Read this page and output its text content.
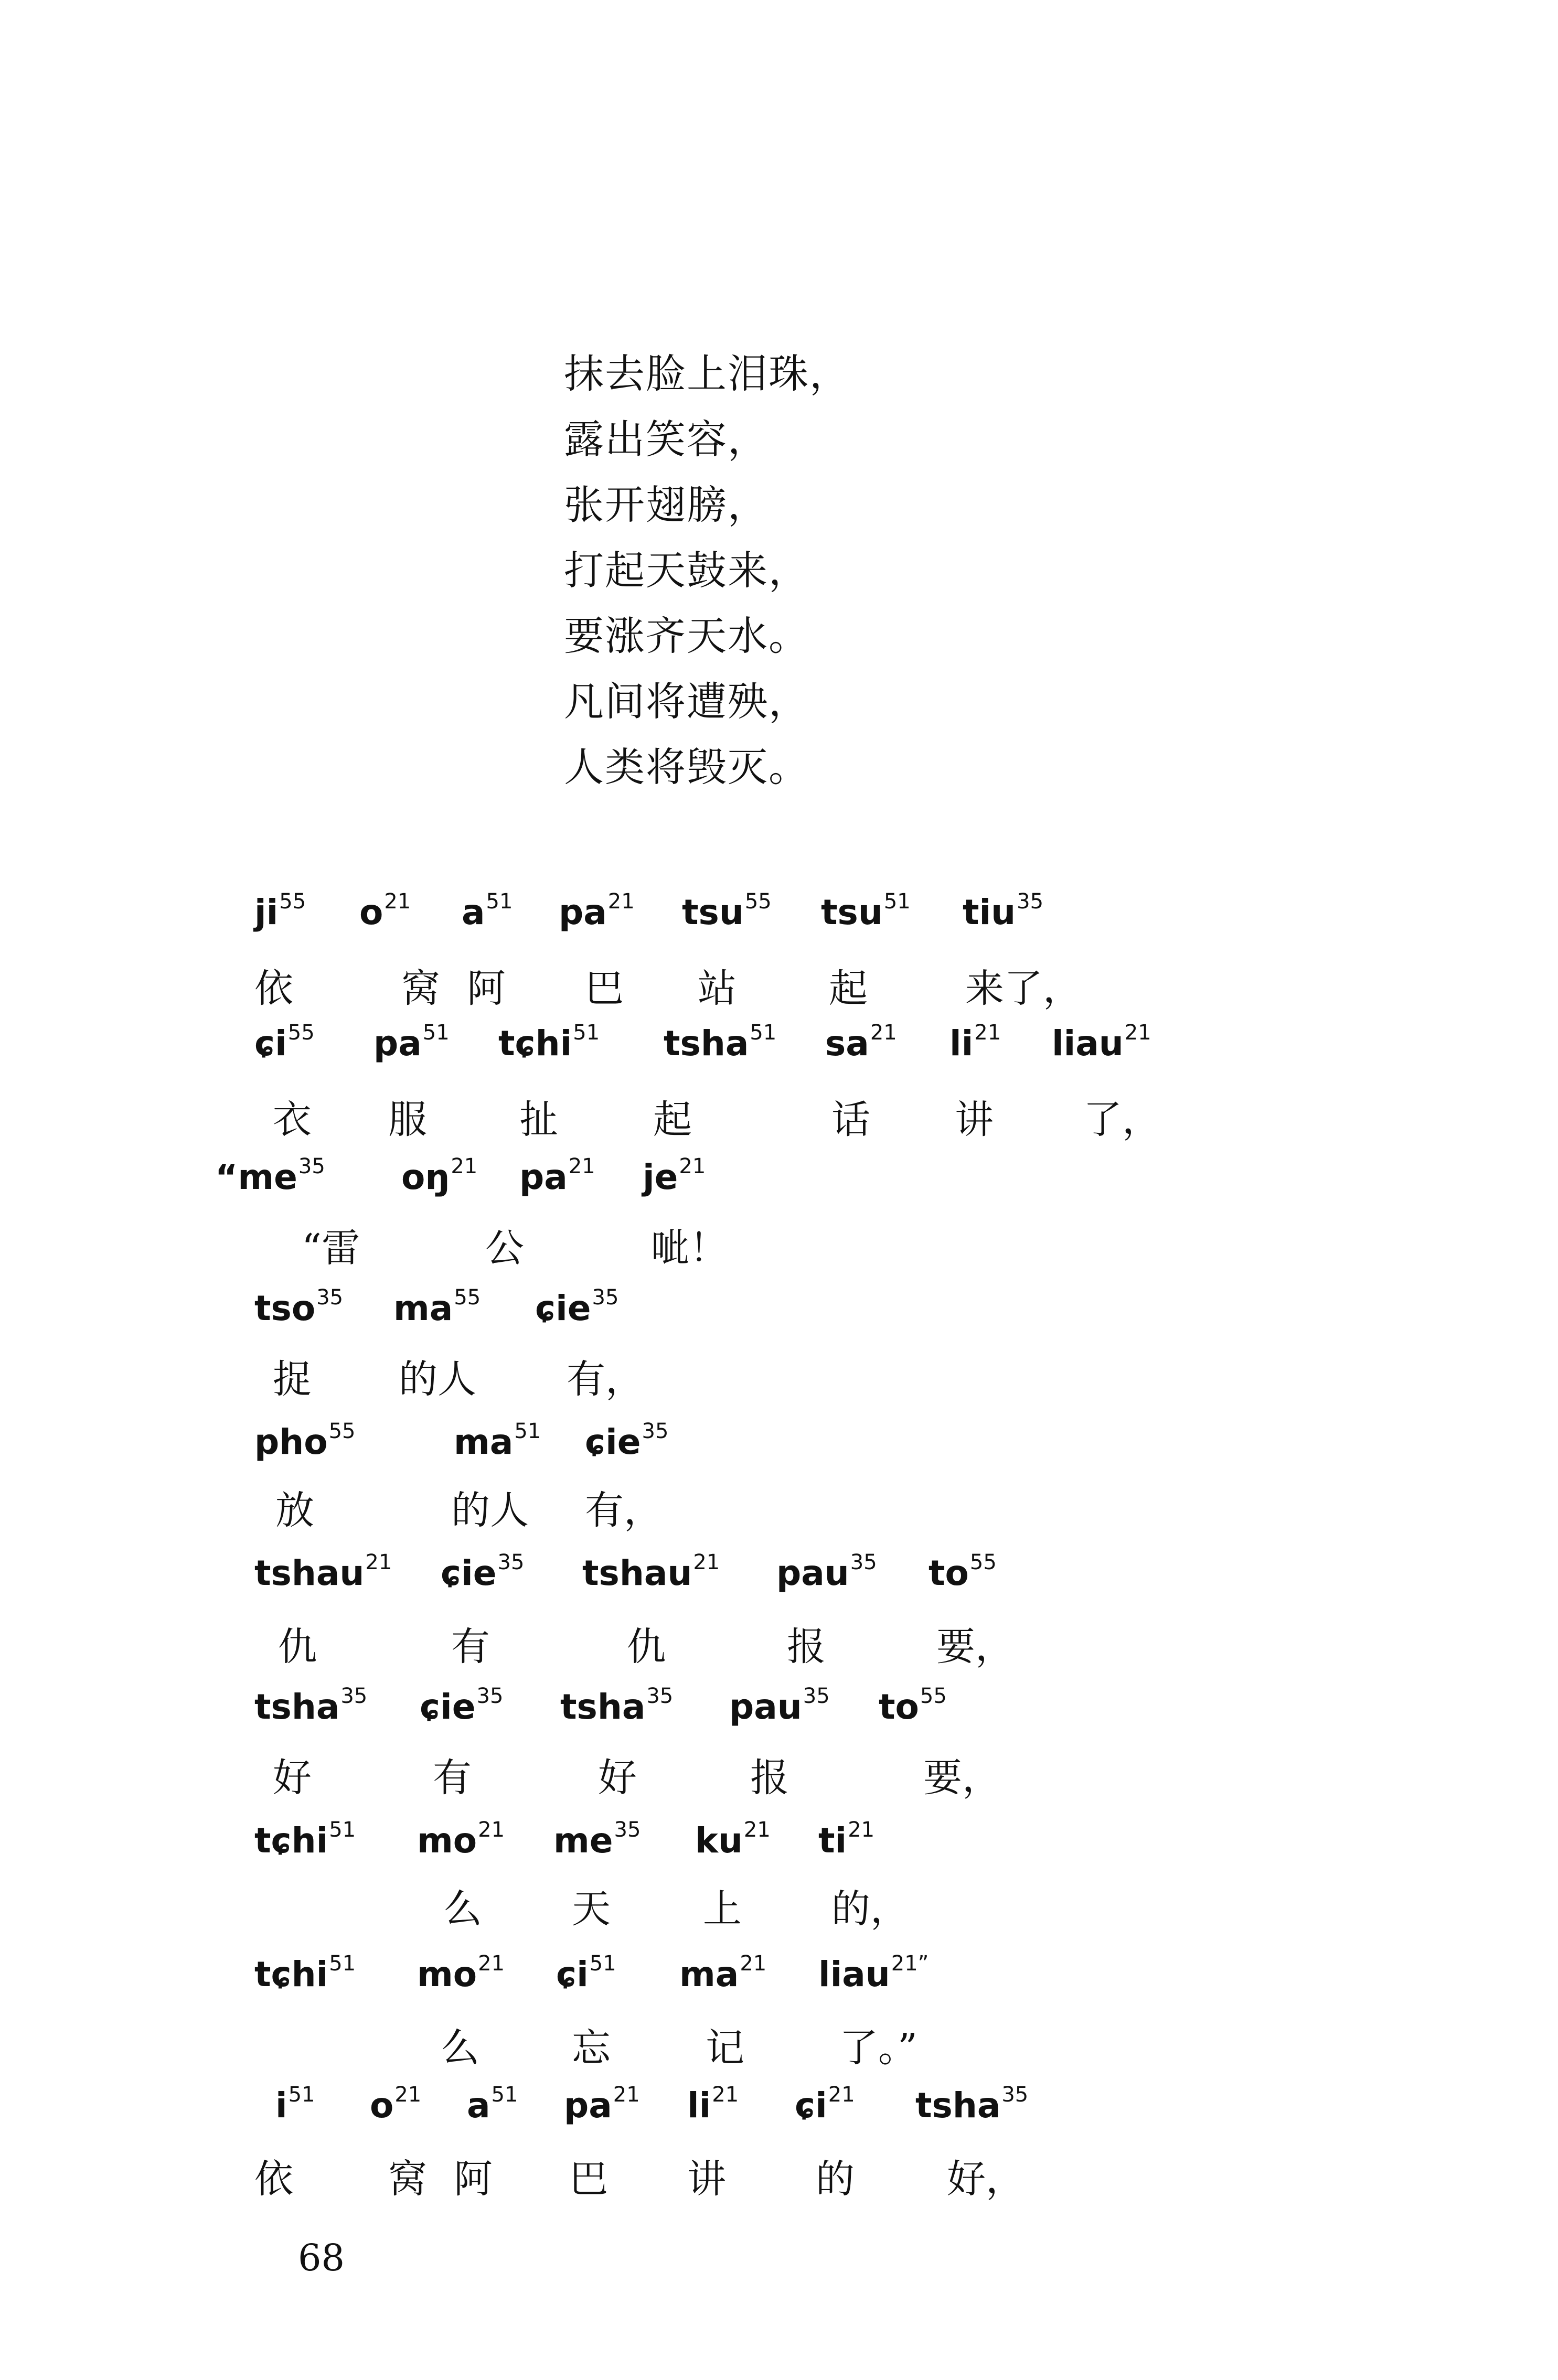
抹去脸上泪珠，
露出笑容，
张开翅膀，
打起天鼓来，
要涨齐天水。
凡间将遭殃，
人类将毁灭。
$ji^{55}$ $o^{21}$ $a^{51}$ $pa^{21}$ tsu$^{55}$ tsu$^{51}$ tiu$^{35}$
依	窝 阿 巴 站 起	来了，
ɕi$^{55}$ $pa^{51}$ tɕhi$^{51}$ tsha$^{51}$ $sa^{21}$ $li^{21}$ liau$^{21}$
衣 服 扯 起	话 讲 了，
“$me^{35}$ $oŋ^{21}$ $pa^{21}$ $je^{21}$
“雷	公	呲！
tso$^{35}$ $ma^{55}$ ɕie$^{35}$
捉 的人 有，
pho$^{55}$	$ma^{51}$ ɕie$^{35}$
放	的人 有，
tshau$^{21}$ ɕie$^{35}$ tshau$^{21}$ pau$^{35}$ $to^{55}$
仇	有	仇	报	要，
tsha$^{35}$ ɕie$^{35}$ tsha$^{35}$ pau$^{35}$ $to^{55}$
好	有	好	报	要，
tɕhi$^{51}$ $mo^{21}$ $me^{35}$ $ku^{21}$ $ti^{21}$
么 天 上 的，
tɕhi$^{51}$ $mo^{21}$ ɕi$^{51}$ $ma^{21}$ liau$^{21”}$
么 忘 记 了。”
$i^{51}$ $o^{21}$ $a^{51}$ $pa^{21}$ $li^{21}$ ɕi$^{21}$ tsha$^{35}$
依 窝 阿 巴 讲 的 好，
68
